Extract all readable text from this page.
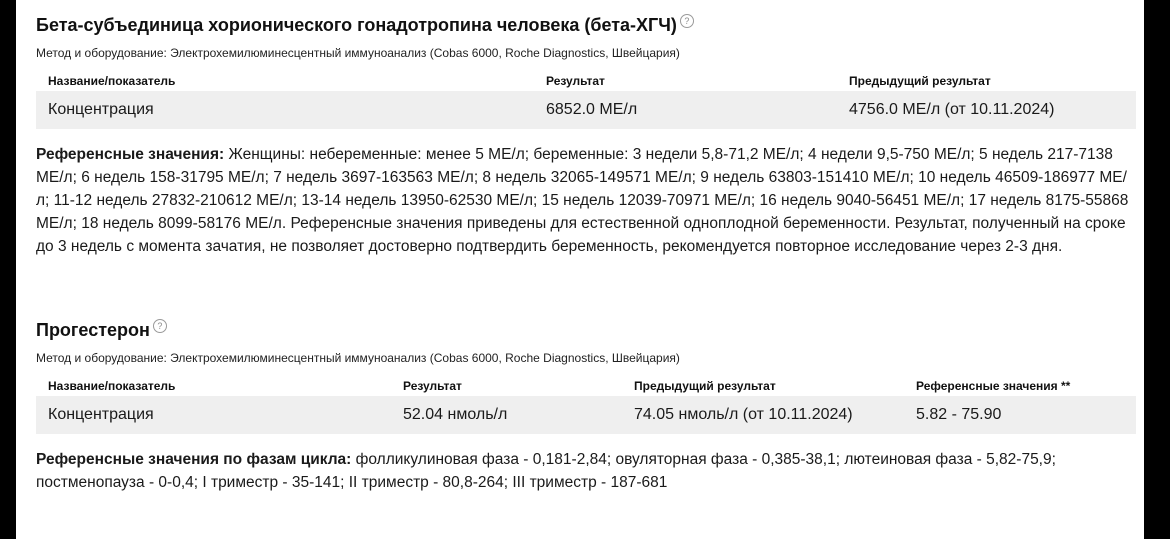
Бета-субъединица хорионического гонадотропина человека (бета-ХГЧ) ?
Метод и оборудование: Электрохемилюминесцентный иммуноанализ (Cobas 6000, Roche Diagnostics, Швейцария)
Название/показатель	Результат	Предыдущий результат
Концентрация	6852.0 МЕ/л	4756.0 МЕ/л (от 10.11.2024)
Референсные значения: Женщины: небеременные: менее 5 МЕ/л; беременные: 3 недели 5,8-71,2 МЕ/л; 4 недели 9,5-750 МЕ/л; 5 недель 217-7138 МЕ/л; 6 недель 158-31795 МЕ/л; 7 недель 3697-163563 МЕ/л; 8 недель 32065-149571 МЕ/л; 9 недель 63803-151410 МЕ/л; 10 недель 46509-186977 МЕ/л; 11-12 недель 27832-210612 МЕ/л; 13-14 недель 13950-62530 МЕ/л; 15 недель 12039-70971 МЕ/л; 16 недель 9040-56451 МЕ/л; 17 недель 8175-55868 МЕ/л; 18 недель 8099-58176 МЕ/л. Референсные значения приведены для естественной одноплодной беременности. Результат, полученный на сроке до 3 недель с момента зачатия, не позволяет достоверно подтвердить беременность, рекомендуется повторное исследование через 2-3 дня.
Прогестерон ?
Метод и оборудование: Электрохемилюминесцентный иммуноанализ (Cobas 6000, Roche Diagnostics, Швейцария)
Название/показатель	Результат	Предыдущий результат	Референсные значения **
Концентрация	52.04 нмоль/л	74.05 нмоль/л (от 10.11.2024)	5.82 - 75.90
Референсные значения по фазам цикла: фолликулиновая фаза - 0,181-2,84; овуляторная фаза - 0,385-38,1; лютеиновая фаза - 5,82-75,9; постменопауза - 0-0,4; I триместр - 35-141; II триместр - 80,8-264; III триместр - 187-681
